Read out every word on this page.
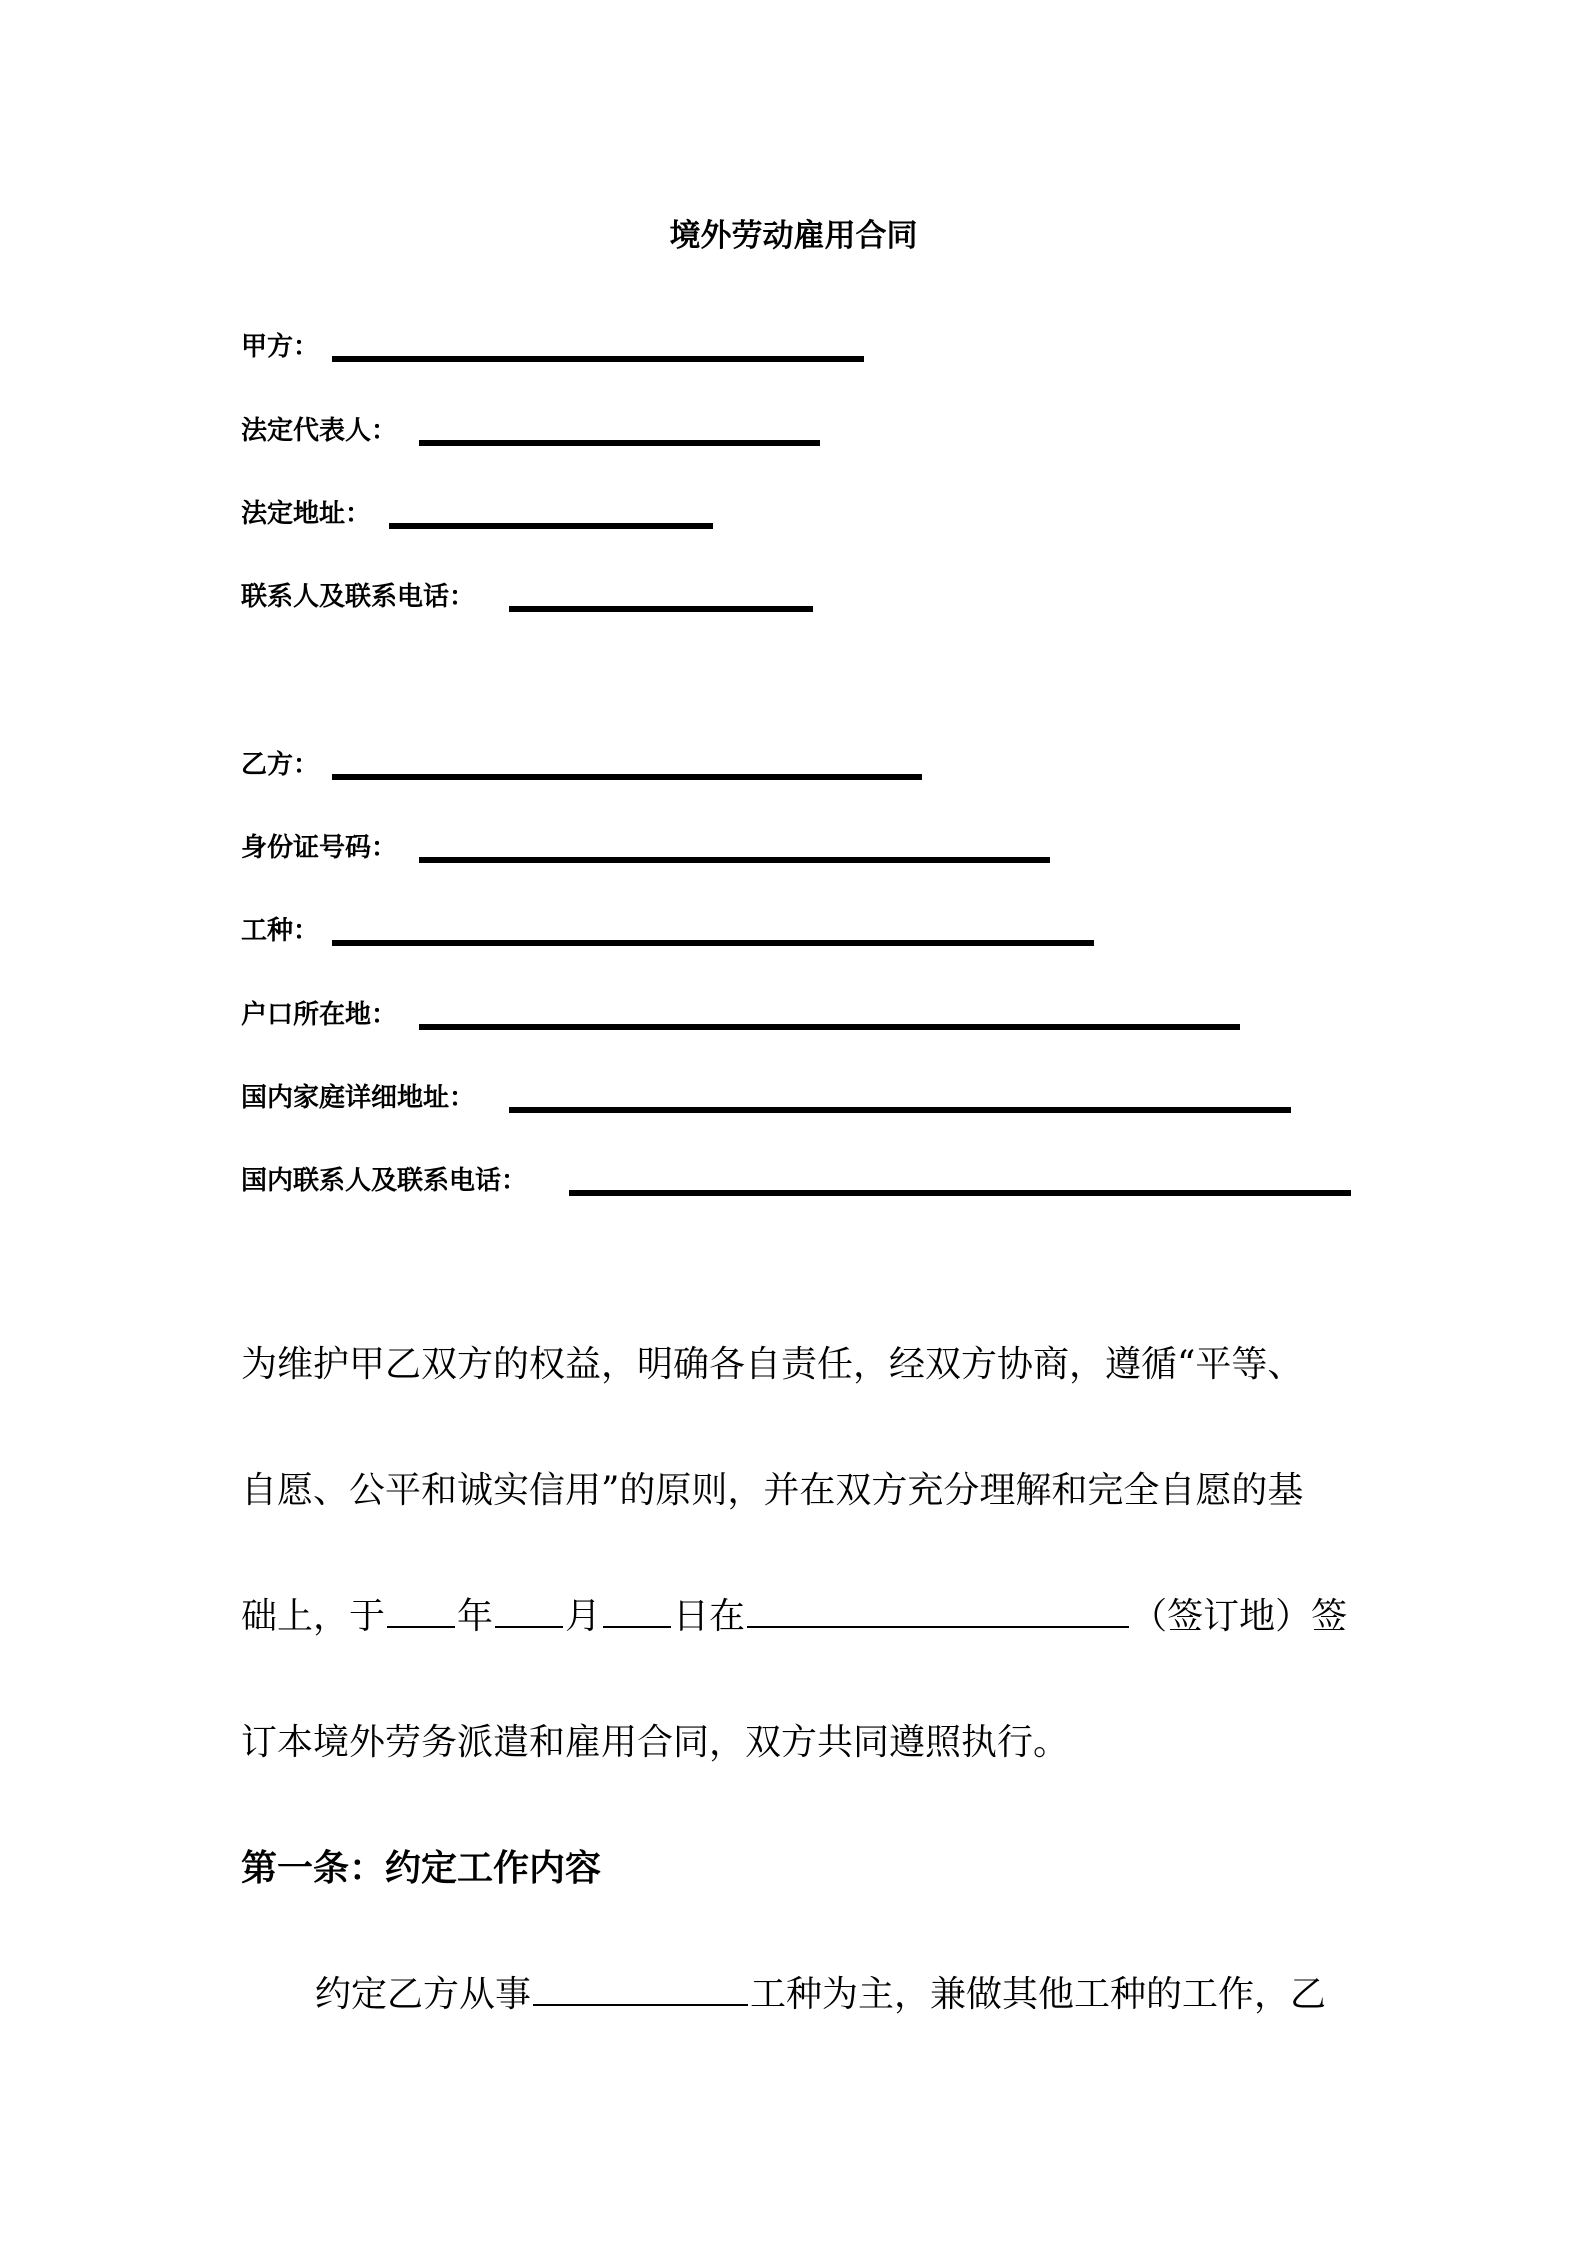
境外劳动雇用合同
甲方：
法定代表人：
法定地址：
联系人及联系电话：
乙方：
身份证号码：
工种：
户口所在地：
国内家庭详细地址：
国内联系人及联系电话：
为维护甲乙双方的权益，明确各自责任，经双方协商，遵循“平等、
自愿、公平和诚实信用”的原则，并在双方充分理解和完全自愿的基
础上，于 年 月 日在	（签订地）签
订本境外劳务派遣和雇用合同，双方共同遵照执行。
第一条：约定工作内容
约定乙方从事	工种为主，兼做其他工种的工作，乙
